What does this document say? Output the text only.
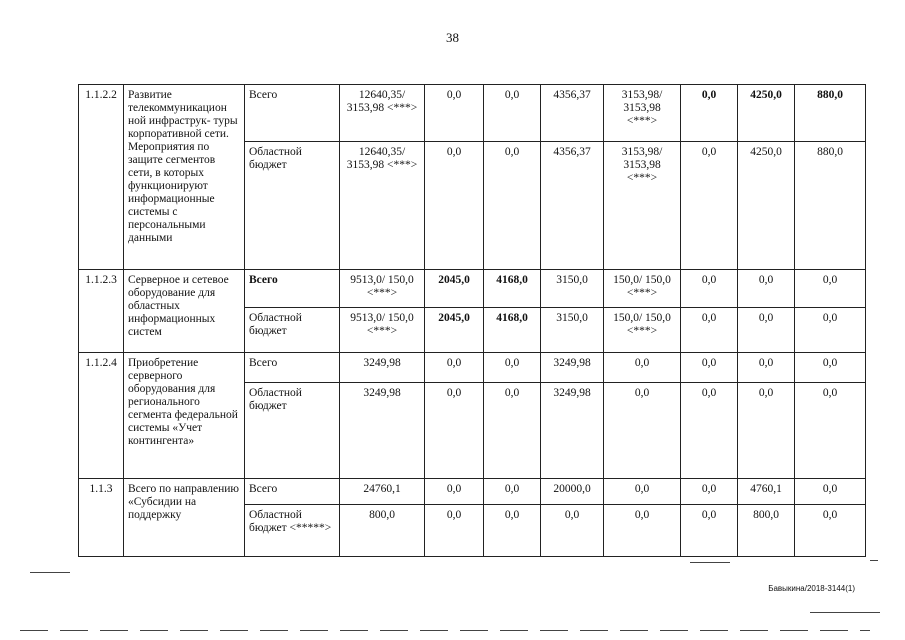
38
1.1.2.2	Развитие телекоммуникацион ной инфраструк- туры корпоративной сети. Мероприятия по защите сегментов сети, в которых функционируют информационные системы с персональными данными	Всего	12640,35/ 3153,98 <***>	0,0	0,0	4356,37	3153,98/ 3153,98 <***>	0,0	4250,0	880,0
		Областной бюджет	12640,35/ 3153,98 <***>	0,0	0,0	4356,37	3153,98/ 3153,98 <***>	0,0	4250,0	880,0
1.1.2.3	Серверное и сетевое оборудование для областных информационных систем	Всего	9513,0/ 150,0 <***>	2045,0	4168,0	3150,0	150,0/ 150,0 <***>	0,0	0,0	0,0
		Областной бюджет	9513,0/ 150,0 <***>	2045,0	4168,0	3150,0	150,0/ 150,0 <***>	0,0	0,0	0,0
1.1.2.4	Приобретение серверного оборудования для регионального сегмента федеральной системы «Учет контингента»	Всего	3249,98	0,0	0,0	3249,98	0,0	0,0	0,0	0,0
		Областной бюджет	3249,98	0,0	0,0	3249,98	0,0	0,0	0,0	0,0
1.1.3	Всего по направлению «Субсидии на поддержку	Всего	24760,1	0,0	0,0	20000,0	0,0	0,0	4760,1	0,0
		Областной бюджет <*****>	800,0	0,0	0,0	0,0	0,0	0,0	800,0	0,0
Бавыкина/2018-3144(1)
